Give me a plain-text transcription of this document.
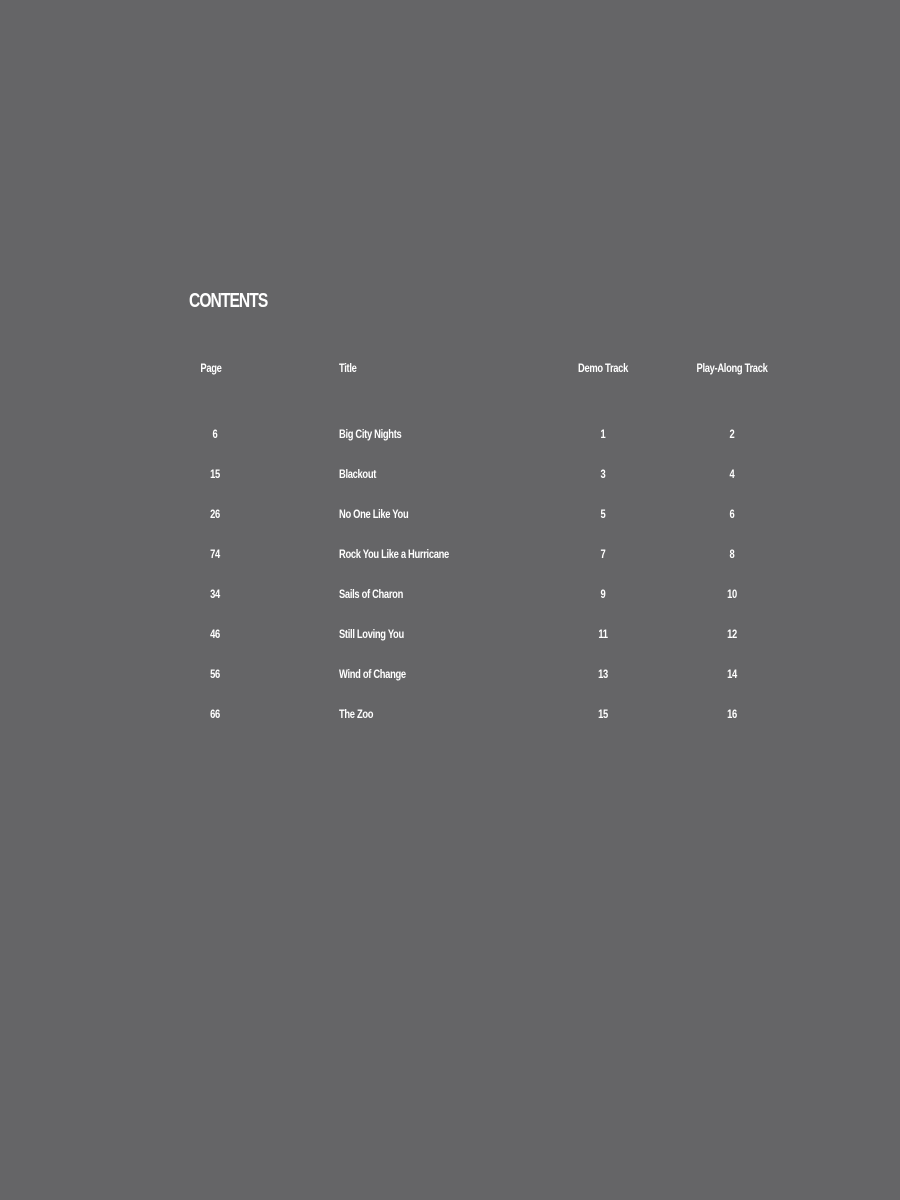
CONTENTS
Page	Title	Demo Track	Play-Along Track
6	Big City Nights	1	2
15	Blackout	3	4
26	No One Like You	5	6
74	Rock You Like a Hurricane	7	8
34	Sails of Charon	9	10
46	Still Loving You	11	12
56	Wind of Change	13	14
66	The Zoo	15	16
